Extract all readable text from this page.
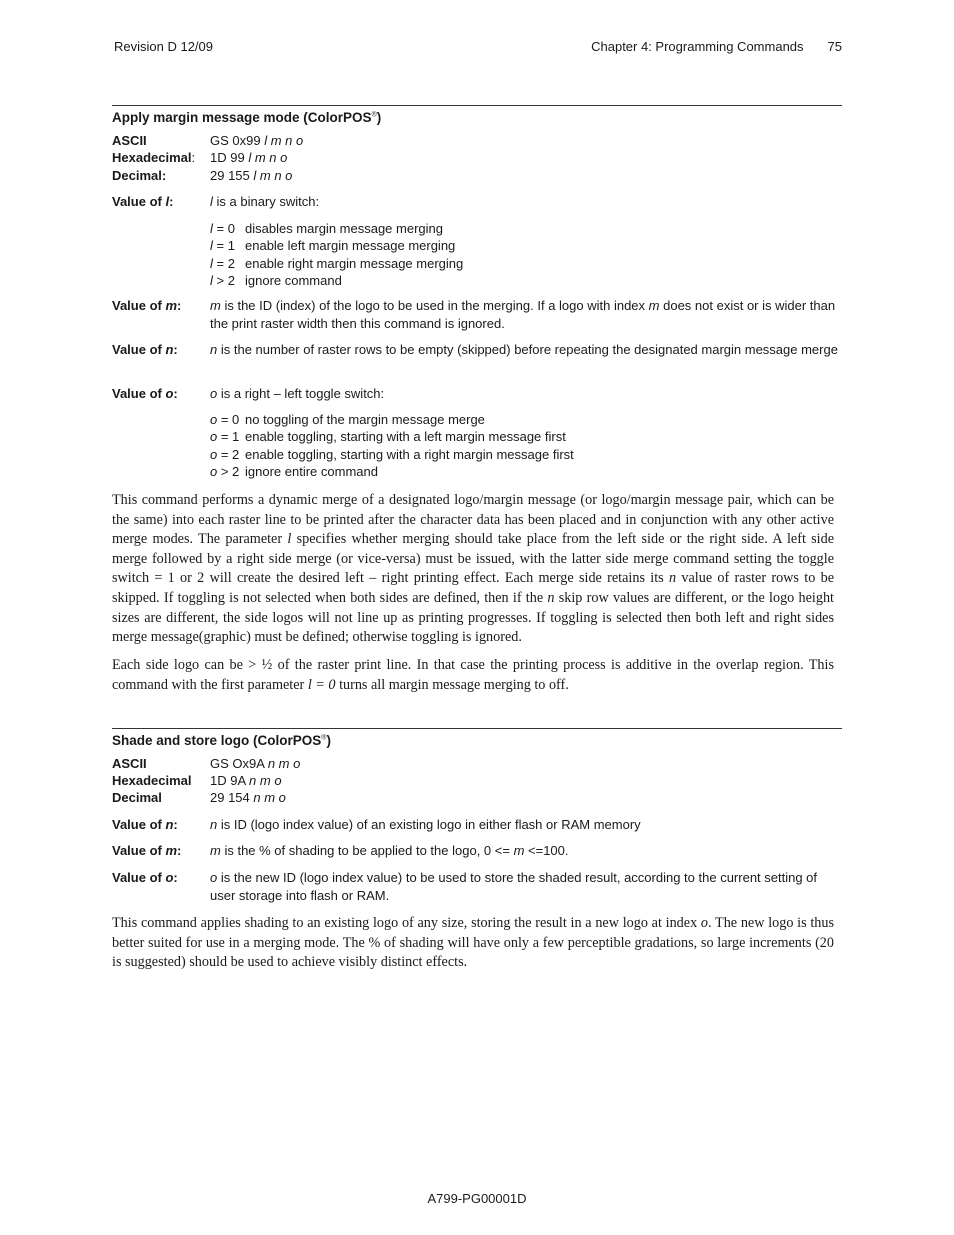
Revision D 12/09	Chapter 4: Programming Commands 75
Apply margin message mode (ColorPOS®)
ASCII	GS 0x99 l m n o
Hexadecimal: 1D 99 l m n o
Decimal:	29 155 l m n o
Value of l:	l is a binary switch:
l = 0 disables margin message merging
l = 1 enable left margin message merging
l = 2 enable right margin message merging
l > 2 ignore command
Value of m: m is the ID (index) of the logo to be used in the merging. If a logo with index m does not exist or is wider than the print raster width then this command is ignored.
Value of n: n is the number of raster rows to be empty (skipped) before repeating the designated margin message merge
Value of o: o is a right – left toggle switch:
o = 0 no toggling of the margin message merge
o = 1 enable toggling, starting with a left margin message first
o = 2 enable toggling, starting with a right margin message first
o > 2 ignore entire command
This command performs a dynamic merge of a designated logo/margin message (or logo/margin message pair, which can be the same) into each raster line to be printed after the character data has been placed and in conjunction with any other active merge modes. The parameter l specifies whether merging should take place from the left side or the right side. A left side merge followed by a right side merge (or vice-versa) must be issued, with the latter side merge command setting the toggle switch = 1 or 2 will create the desired left – right printing effect. Each merge side retains its n value of raster rows to be skipped. If toggling is not selected when both sides are defined, then if the n skip row values are different, or the logo height sizes are different, the side logos will not line up as printing progresses. If toggling is selected then both left and right sides merge message(graphic) must be defined; otherwise toggling is ignored.
Each side logo can be > ½ of the raster print line. In that case the printing process is additive in the overlap region. This command with the first parameter l = 0 turns all margin message merging to off.
Shade and store logo (ColorPOS®)
ASCII	GS Ox9A n m o
Hexadecimal 1D 9A n m o
Decimal	29 154 n m o
Value of n: n is ID (logo index value) of an existing logo in either flash or RAM memory
Value of m: m is the % of shading to be applied to the logo, 0 <= m <=100.
Value of o: o is the new ID (logo index value) to be used to store the shaded result, according to the current setting of user storage into flash or RAM.
This command applies shading to an existing logo of any size, storing the result in a new logo at index o. The new logo is thus better suited for use in a merging mode. The % of shading will have only a few perceptible gradations, so large increments (20 is suggested) should be used to achieve visibly distinct effects.
A799-PG00001D
